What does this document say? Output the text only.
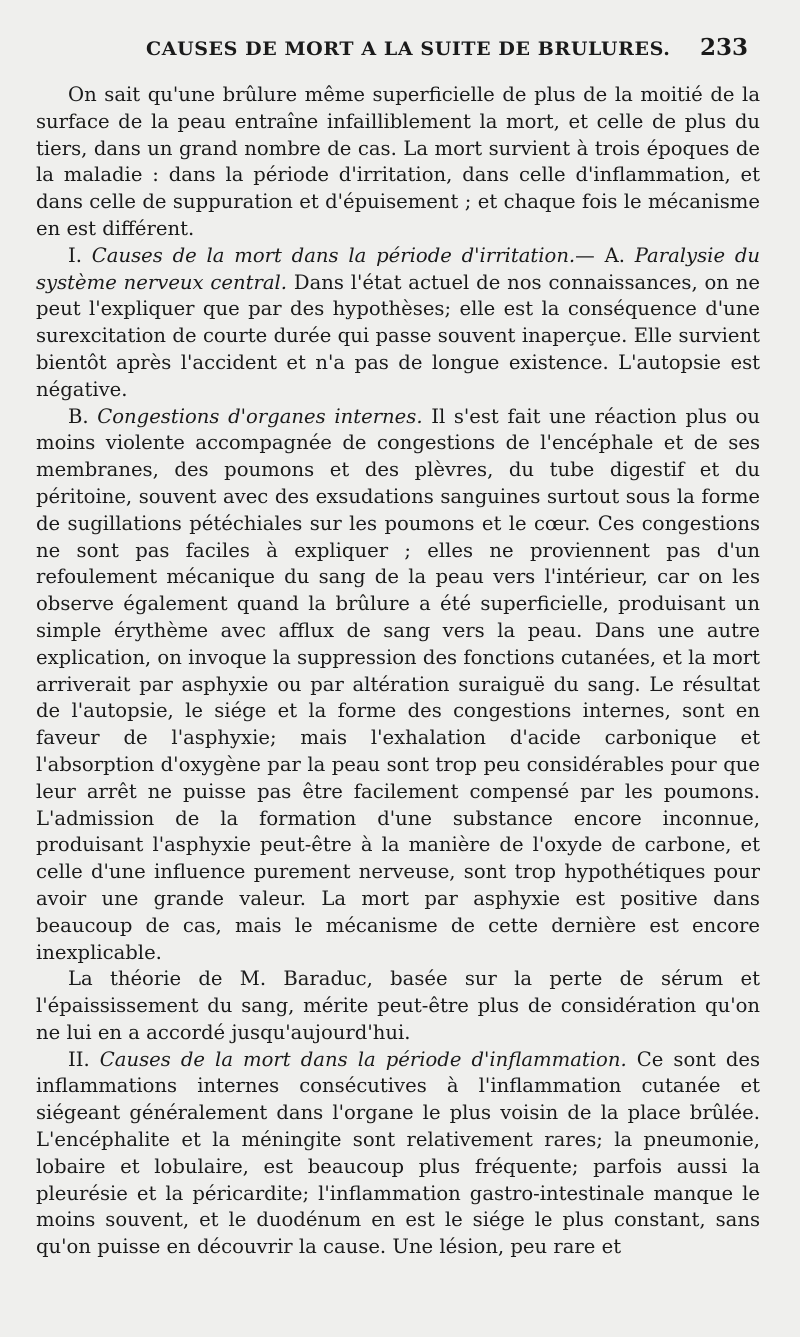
CAUSES DE MORT A LA SUITE DE BRULURES. 233

On sait qu'une brûlure même superficielle de plus de la moitié de la surface de la peau entraîne infailliblement la mort, et celle de plus du tiers, dans un grand nombre de cas. La mort survient à trois époques de la maladie : dans la période d'irritation, dans celle d'inflammation, et dans celle de suppuration et d'épuisement ; et chaque fois le mécanisme en est différent.

I. Causes de la mort dans la période d'irritation.— A. Paralysie du système nerveux central. Dans l'état actuel de nos connaissances, on ne peut l'expliquer que par des hypothèses; elle est la conséquence d'une surexcitation de courte durée qui passe souvent inaperçue. Elle survient bientôt après l'accident et n'a pas de longue existence. L'autopsie est négative.

B. Congestions d'organes internes. Il s'est fait une réaction plus ou moins violente accompagnée de congestions de l'encéphale et de ses membranes, des poumons et des plèvres, du tube digestif et du péritoine, souvent avec des exsudations sanguines surtout sous la forme de sugillations pétéchiales sur les poumons et le cœur. Ces congestions ne sont pas faciles à expliquer ; elles ne proviennent pas d'un refoulement mécanique du sang de la peau vers l'intérieur, car on les observe également quand la brûlure a été superficielle, produisant un simple érythème avec afflux de sang vers la peau. Dans une autre explication, on invoque la suppression des fonctions cutanées, et la mort arriverait par asphyxie ou par altération suraiguë du sang. Le résultat de l'autopsie, le siége et la forme des congestions internes, sont en faveur de l'asphyxie; mais l'exhalation d'acide carbonique et l'absorption d'oxygène par la peau sont trop peu considérables pour que leur arrêt ne puisse pas être facilement compensé par les poumons. L'admission de la formation d'une substance encore inconnue, produisant l'asphyxie peut-être à la manière de l'oxyde de carbone, et celle d'une influence purement nerveuse, sont trop hypothétiques pour avoir une grande valeur. La mort par asphyxie est positive dans beaucoup de cas, mais le mécanisme de cette dernière est encore inexplicable.

La théorie de M. Baraduc, basée sur la perte de sérum et l'épaississement du sang, mérite peut-être plus de considération qu'on ne lui en a accordé jusqu'aujourd'hui.

II. Causes de la mort dans la période d'inflammation. Ce sont des inflammations internes consécutives à l'inflammation cutanée et siégeant généralement dans l'organe le plus voisin de la place brûlée. L'encéphalite et la méningite sont relativement rares; la pneumonie, lobaire et lobulaire, est beaucoup plus fréquente; parfois aussi la pleurésie et la péricardite; l'inflammation gastro-intestinale manque le moins souvent, et le duodénum en est le siége le plus constant, sans qu'on puisse en découvrir la cause. Une lésion, peu rare et
